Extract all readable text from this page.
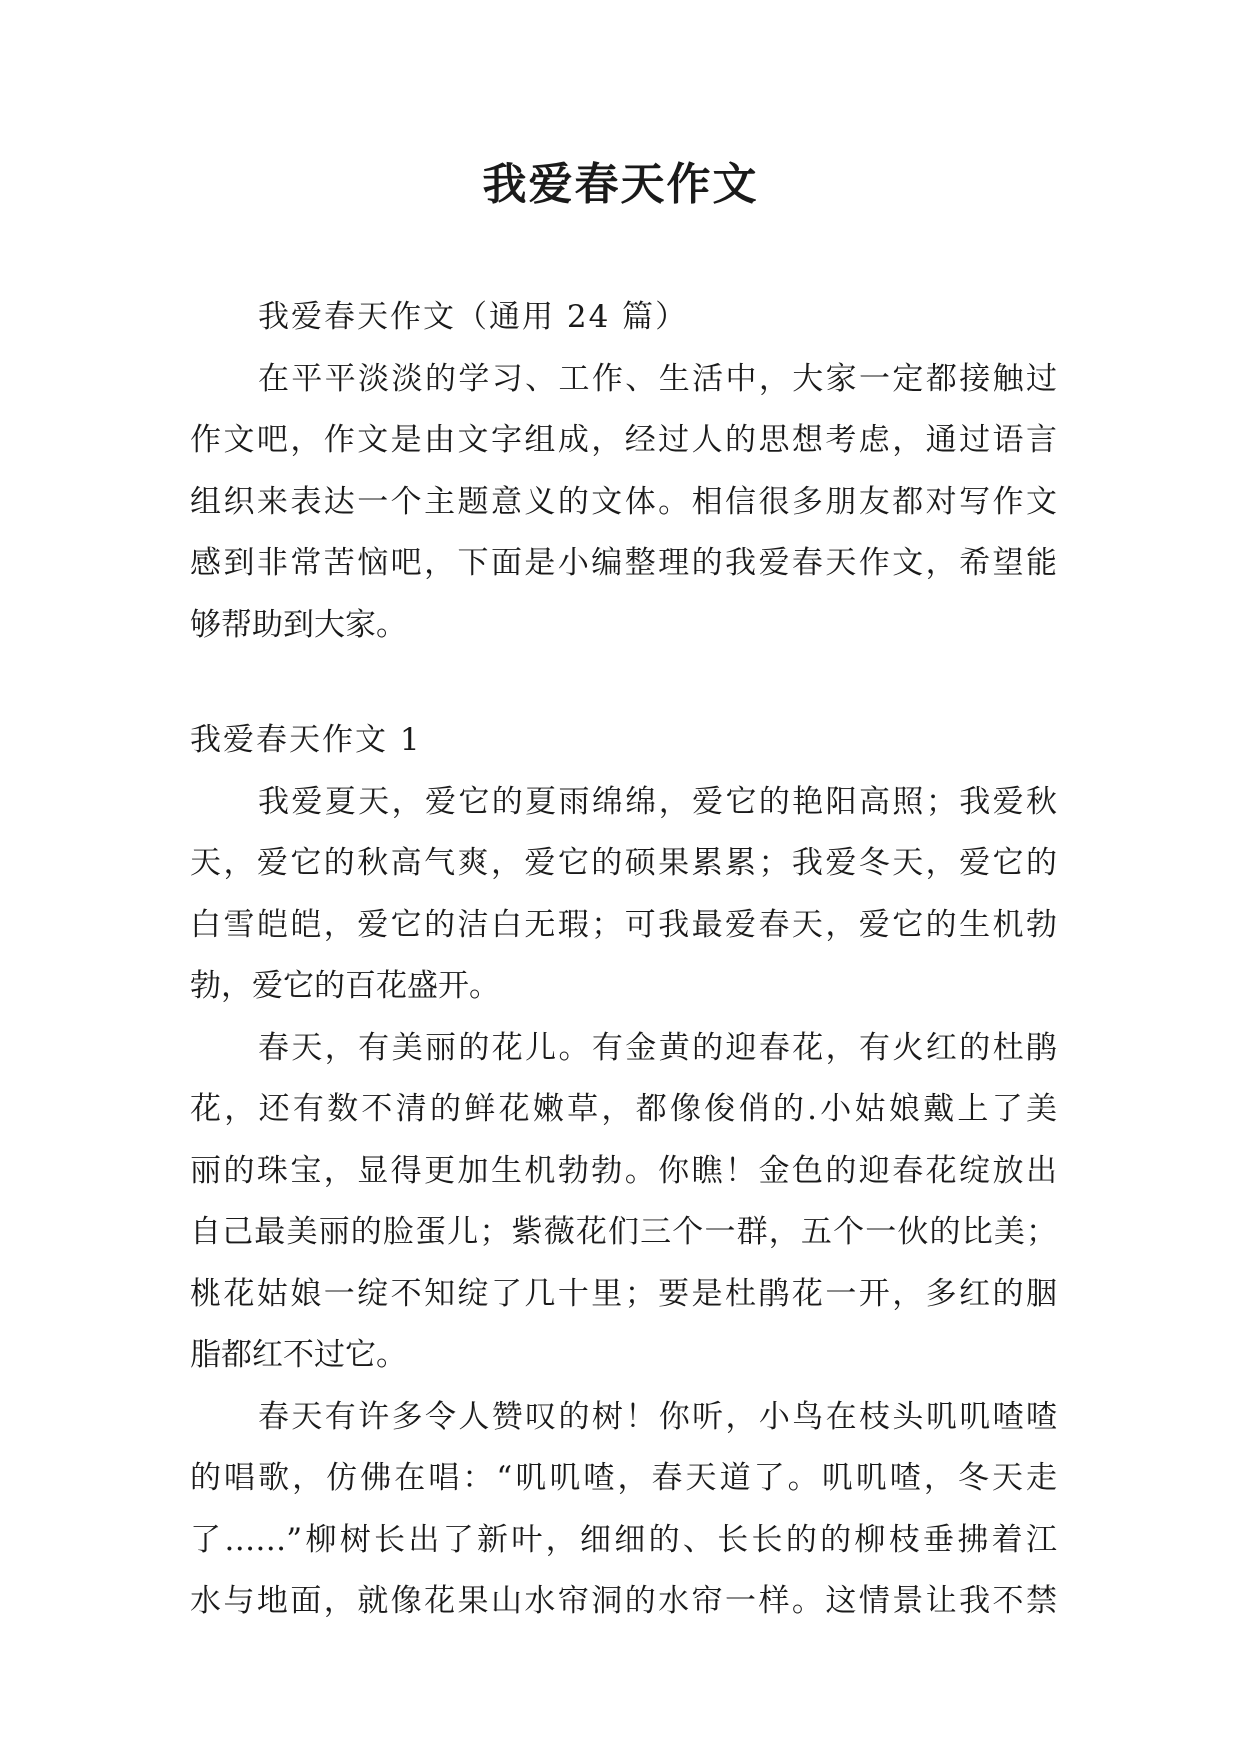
我爱春天作文
我爱春天作文（通用 24 篇）
在平平淡淡的学习、工作、生活中，大家一定都接触过
作文吧，作文是由文字组成，经过人的思想考虑，通过语言
组织来表达一个主题意义的文体。相信很多朋友都对写作文
感到非常苦恼吧，下面是小编整理的我爱春天作文，希望能
够帮助到大家。
我爱春天作文 1
我爱夏天，爱它的夏雨绵绵，爱它的艳阳高照；我爱秋
天，爱它的秋高气爽，爱它的硕果累累；我爱冬天，爱它的
白雪皑皑，爱它的洁白无瑕；可我最爱春天，爱它的生机勃
勃，爱它的百花盛开。
春天，有美丽的花儿。有金黄的迎春花，有火红的杜鹃
花，还有数不清的鲜花嫩草，都像俊俏的.小姑娘戴上了美
丽的珠宝，显得更加生机勃勃。你瞧！金色的迎春花绽放出
自己最美丽的脸蛋儿；紫薇花们三个一群，五个一伙的比美；
桃花姑娘一绽不知绽了几十里；要是杜鹃花一开，多红的胭
脂都红不过它。
春天有许多令人赞叹的树！你听，小鸟在枝头叽叽喳喳
的唱歌，仿佛在唱：“叽叽喳，春天道了。叽叽喳，冬天走
了……”柳树长出了新叶，细细的、长长的的柳枝垂拂着江
水与地面，就像花果山水帘洞的水帘一样。这情景让我不禁
